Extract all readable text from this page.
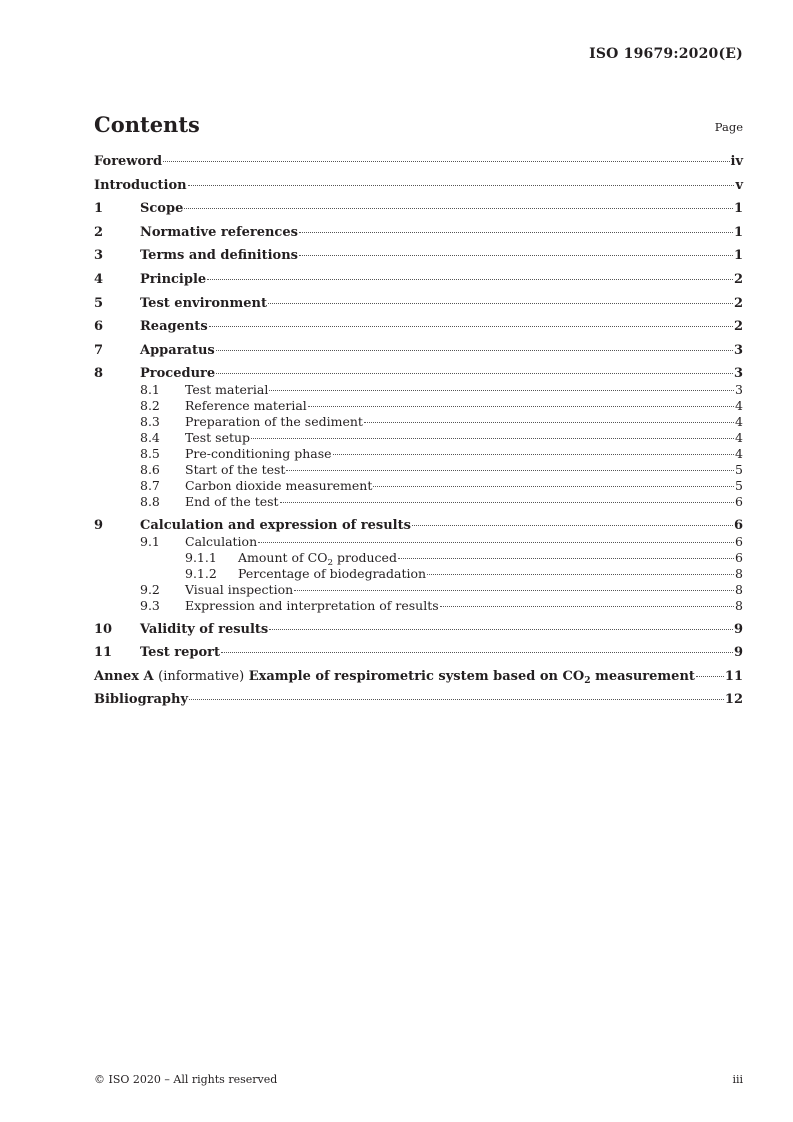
ISO 19679:2020(E)
Contents	Page
Foreword	iv
Introduction	v
1	Scope	1
2	Normative references	1
3	Terms and definitions	1
4	Principle	2
5	Test environment	2
6	Reagents	2
7	Apparatus	3
8	Procedure	3
8.1	Test material	3
8.2	Reference material	4
8.3	Preparation of the sediment	4
8.4	Test setup	4
8.5	Pre-conditioning phase	4
8.6	Start of the test	5
8.7	Carbon dioxide measurement	5
8.8	End of the test	6
9	Calculation and expression of results	6
9.1	Calculation	6
9.1.1	Amount of $CO_2$ produced	6
9.1.2	Percentage of biodegradation	8
9.2	Visual inspection	8
9.3	Expression and interpretation of results	8
10	Validity of results	9
11	Test report	9
Annex A (informative) Example of respirometric system based on $CO_2$ measurement 11
Bibliography	12
© ISO 2020 – All rights reserved	iii
